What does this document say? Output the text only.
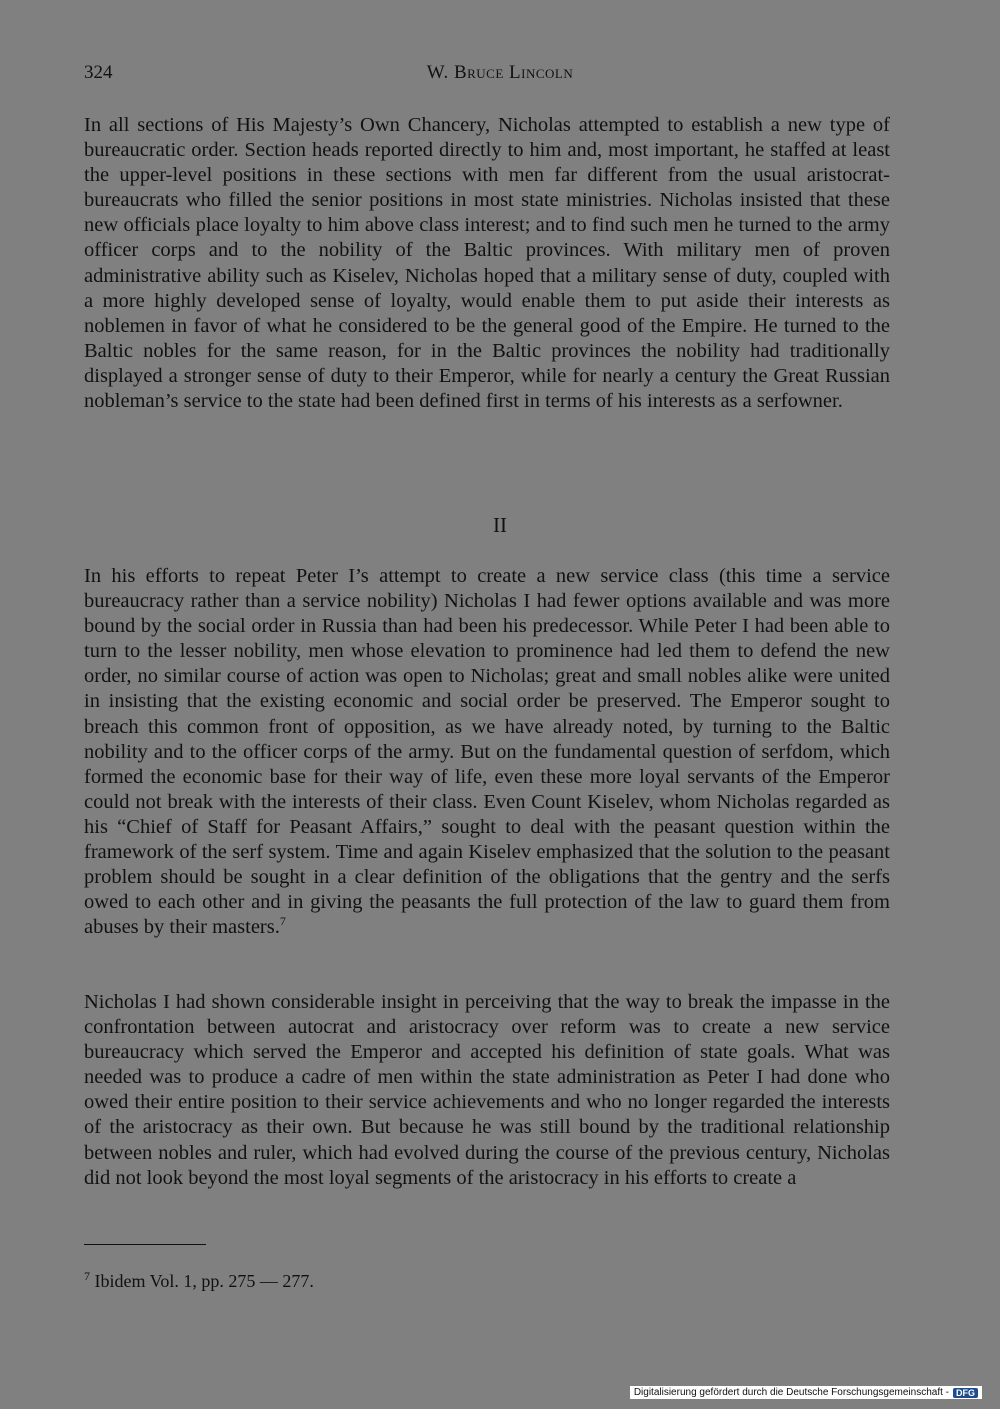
324	W. Bruce Lincoln

In all sections of His Majesty’s Own Chancery, Nicholas attempted to establish a new type of bureaucratic order. Section heads reported directly to him and, most important, he staffed at least the upper-level positions in these sections with men far different from the usual aristocrat-bureaucrats who filled the senior positions in most state ministries. Nicholas insisted that these new officials place loyalty to him above class interest; and to find such men he turned to the army officer corps and to the nobility of the Baltic provinces. With military men of proven administrative ability such as Kiselev, Nicholas hoped that a military sense of duty, coupled with a more highly developed sense of loyalty, would enable them to put aside their interests as noblemen in favor of what he considered to be the general good of the Empire. He turned to the Baltic nobles for the same reason, for in the Baltic provinces the nobility had traditionally displayed a stronger sense of duty to their Emperor, while for nearly a century the Great Russian nobleman’s service to the state had been defined first in terms of his interests as a serfowner.

II

In his efforts to repeat Peter I’s attempt to create a new service class (this time a service bureaucracy rather than a service nobility) Nicholas I had fewer options available and was more bound by the social order in Russia than had been his predecessor. While Peter I had been able to turn to the lesser nobility, men whose elevation to prominence had led them to defend the new order, no similar course of action was open to Nicholas; great and small nobles alike were united in insisting that the existing economic and social order be preserved. The Emperor sought to breach this common front of opposition, as we have already noted, by turning to the Baltic nobility and to the officer corps of the army. But on the fundamental question of serfdom, which formed the economic base for their way of life, even these more loyal servants of the Emperor could not break with the interests of their class. Even Count Kiselev, whom Nicholas regarded as his “Chief of Staff for Peasant Affairs,” sought to deal with the peasant question within the framework of the serf system. Time and again Kiselev emphasized that the solution to the peasant problem should be sought in a clear definition of the obligations that the gentry and the serfs owed to each other and in giving the peasants the full protection of the law to guard them from abuses by their masters.$^7$

Nicholas I had shown considerable insight in perceiving that the way to break the impasse in the confrontation between autocrat and aristocracy over reform was to create a new service bureaucracy which served the Emperor and accepted his definition of state goals. What was needed was to produce a cadre of men within the state administration as Peter I had done who owed their entire position to their service achievements and who no longer regarded the interests of the aristocracy as their own. But because he was still bound by the traditional relationship between nobles and ruler, which had evolved during the course of the previous century, Nicholas did not look beyond the most loyal segments of the aristocracy in his efforts to create a

$^7$ Ibidem Vol. 1, pp. 275 — 277.
Digitalisierung gefördert durch die Deutsche Forschungsgemeinschaft - DFG
